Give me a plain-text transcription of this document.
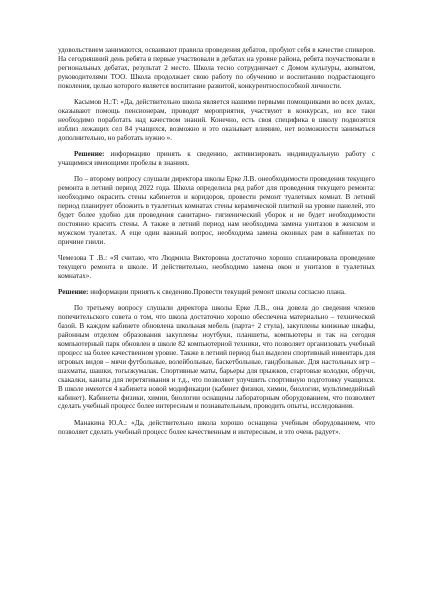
удовольствием занимаются, осваивают правила проведения дебатов, пробуют себя в качестве спикеров. На сегодняшний день ребята в первые участвовали в дебатах на уровне района, ребята поучаствовали в региональных дебатах, результат 2 место. Школа тесно сотрудничает с Домом культуры, акиматом, руководителями ТОО. Школа продолжает свою работу по обучению и воспитанию подрастающего поколения, целью которого является воспитание развитой, конкурентноспособной личности.

Касымов Н.:Т: «Да, действительно школа является нашими первыми помощниками во всех делах, оказывают помощь пенсионерам, проводят мероприятия, участвуют в конкурсах, но все таки необходимо поработать над качеством знаний. Конечно, есть своя специфика в школу подвозятся изблиз лежащих сел 84 учащихся, возможно и это оказывает влияние, нет возможности заниматься дополнительно, но работать нужно ».

Решение: информацию принять к сведению, активизировать индивидуальную работу с учащимися имеющими пробелы в знаниях.

По – второму вопросу слушали директора школы Ерке Л.В. онеобходимости проведения текущего ремонта в летний период 2022 года. Школа определила ряд работ для проведения текущего ремонта: необходимо окрасить стены кабинетов и коридоров, провести ремонт туалетных комнат. В летний период планирует обложить в туалетных комнатах стены керамической плиткой на уровне панелей, это будет более удобно для проведения санитарно- гигиенический уборок и не будет необходимости постоянно красить стены. А также в летний период нам необходима замена унитазов в женском и мужском туалетах. А еще один важный вопрос, необходима замена оконных рам в кабинетах по причине гнили.

Чемезова Т .В.: «Я считаю, что Людмила Викторовна достаточно хорошо спланировала проведение текущего ремонта в школе. И действительно, необходимо замена окон и унитазов в туалетных комнатах».

Решение: информации принять к сведению.Провести текущий ремонт школы согласно плана.

По третьему вопросу слушали директора школы Ерке Л.В., она довела до сведения членов попечительского совета о том, что школа достаточно хорошо обеспечена материально – технической базой. В каждом кабинете обновлена школьная мебель (парта+ 2 стула), закуплены книжные шкафы, районным отделом образования закуплены ноутбуки, планшеты, компьютеры и так на сегодня компьютерный парк обновлен в школе 82 компьютерной техники, что позволяет организовать учебный процесс на более качественном уровне. Также в летний период был выделен спортивный инвентарь для игровых видов – мячи футбольные, волейбольные, баскетбольные, гандбольные. Для настольных игр – шахматы, шашки, тогызкумалак. Спортивные маты, барьеры для прыжков, стартовые колодки, обручи, скакалки, канаты для перетягивания и т.д., что позволяет улучшить спортивную подготовку учащихся. В школе имеются 4 кабинета новой модификации (кабинет физики, химии, биологии, мультимедийный кабинет). Кабинеты физики, химии, биологии оснащены лабораторным оборудованием, что позволяет сделать учебный процесс более интересным и познавательным, проводить опыты, исследования.

Манакина Ю.А.: «Да, действительно школа хорошо оснащена учебным оборудованием, что позволяет сделать учебный процесс более качественным и интересным, и это очень радует».
